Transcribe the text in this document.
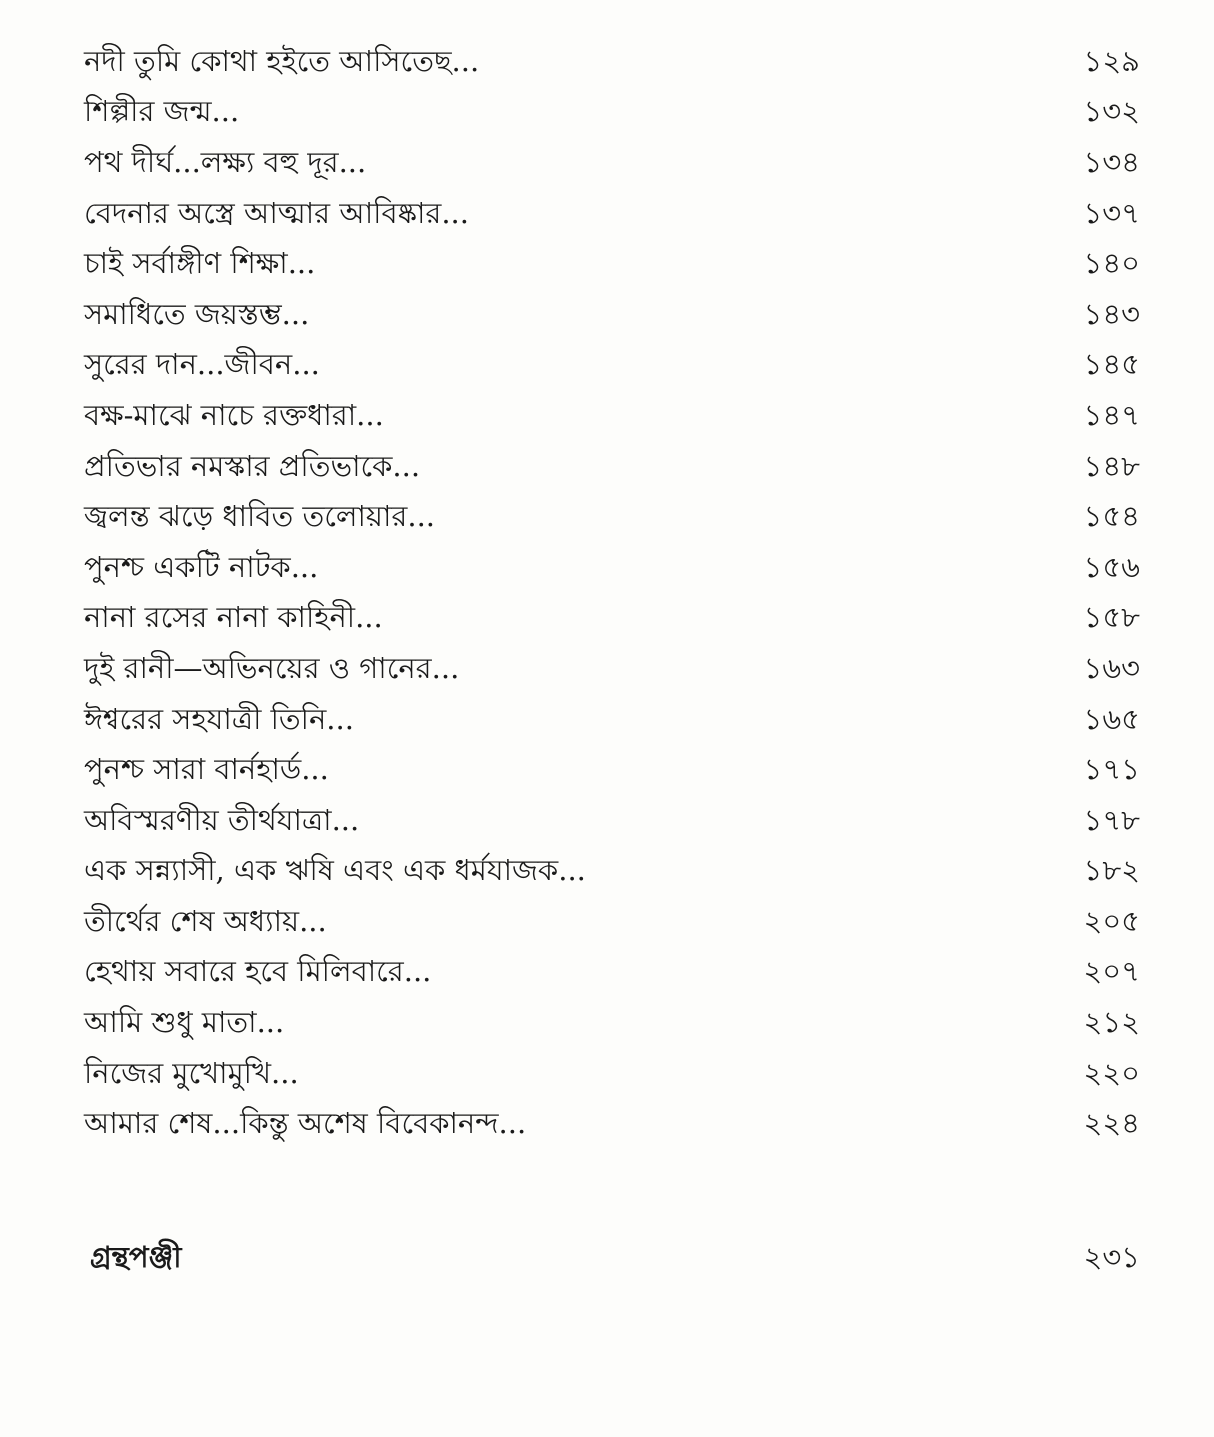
নদী তুমি কোথা হইতে আসিতেছ...	১২৯
শিল্পীর জন্ম...	১৩২
পথ দীর্ঘ...লক্ষ্য বহু দূর...	১৩৪
বেদনার অস্ত্রে আত্মার আবিষ্কার...	১৩৭
চাই সর্বাঙ্গীণ শিক্ষা...	১৪০
সমাধিতে জয়স্তম্ভ...	১৪৩
সুরের দান...জীবন...	১৪৫
বক্ষ-মাঝে নাচে রক্তধারা...	১৪৭
প্রতিভার নমস্কার প্রতিভাকে...	১৪৮
জ্বলন্ত ঝড়ে ধাবিত তলোয়ার...	১৫৪
পুনশ্চ একটি নাটক...	১৫৬
নানা রসের নানা কাহিনী...	১৫৮
দুই রানী—অভিনয়ের ও গানের...	১৬৩
ঈশ্বরের সহযাত্রী তিনি...	১৬৫
পুনশ্চ সারা বার্নহার্ড...	১৭১
অবিস্মরণীয় তীর্থযাত্রা...	১৭৮
এক সন্ন্যাসী, এক ঋষি এবং এক ধর্মযাজক...	১৮২
তীর্থের শেষ অধ্যায়...	২০৫
হেথায় সবারে হবে মিলিবারে...	২০৭
আমি শুধু মাতা...	২১২
নিজের মুখোমুখি...	২২০
আমার শেষ...কিন্তু অশেষ বিবেকানন্দ...	২২৪
গ্রন্থপঞ্জী	২৩১
